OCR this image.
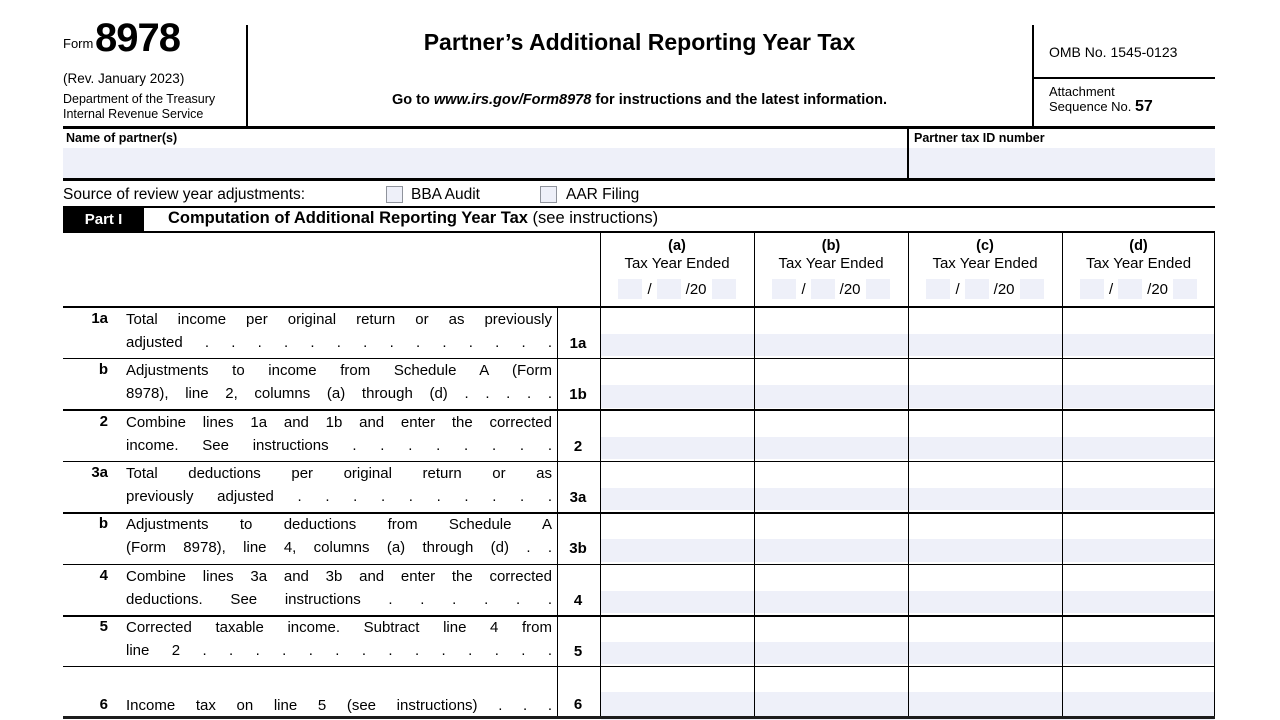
Form 8978
(Rev. January 2023)
Department of the Treasury
Internal Revenue Service
Partner’s Additional Reporting Year Tax
Go to www.irs.gov/Form8978 for instructions and the latest information.
OMB No. 1545-0123
Attachment
Sequence No. 57
Name of partner(s)	Partner tax ID number
Source of review year adjustments:	BBA Audit	AAR Filing
Part I	Computation of Additional Reporting Year Tax (see instructions)
(a)
Tax Year Ended
/ /20
(b)
Tax Year Ended
/ /20
(c)
Tax Year Ended
/ /20
(d)
Tax Year Ended
/ /20
1a Total income per original return or as previously
adjusted . . . . . . . . . . . . . .	1a
b Adjustments to income from Schedule A (Form
8978), line 2, columns (a) through (d) . . . . .	1b
2 Combine lines 1a and 1b and enter the corrected
income. See instructions . . . . . . . .	2
3a Total deductions per original return or as
previously adjusted . . . . . . . . . .	3a
b Adjustments to deductions from Schedule A
(Form 8978), line 4, columns (a) through (d) . .	3b
4 Combine lines 3a and 3b and enter the corrected
deductions. See instructions . . . . . .	4
5 Corrected taxable income. Subtract line 4 from
line 2 . . . . . . . . . . . . . .	5
6 Income tax on line 5 (see instructions) . . .	6
